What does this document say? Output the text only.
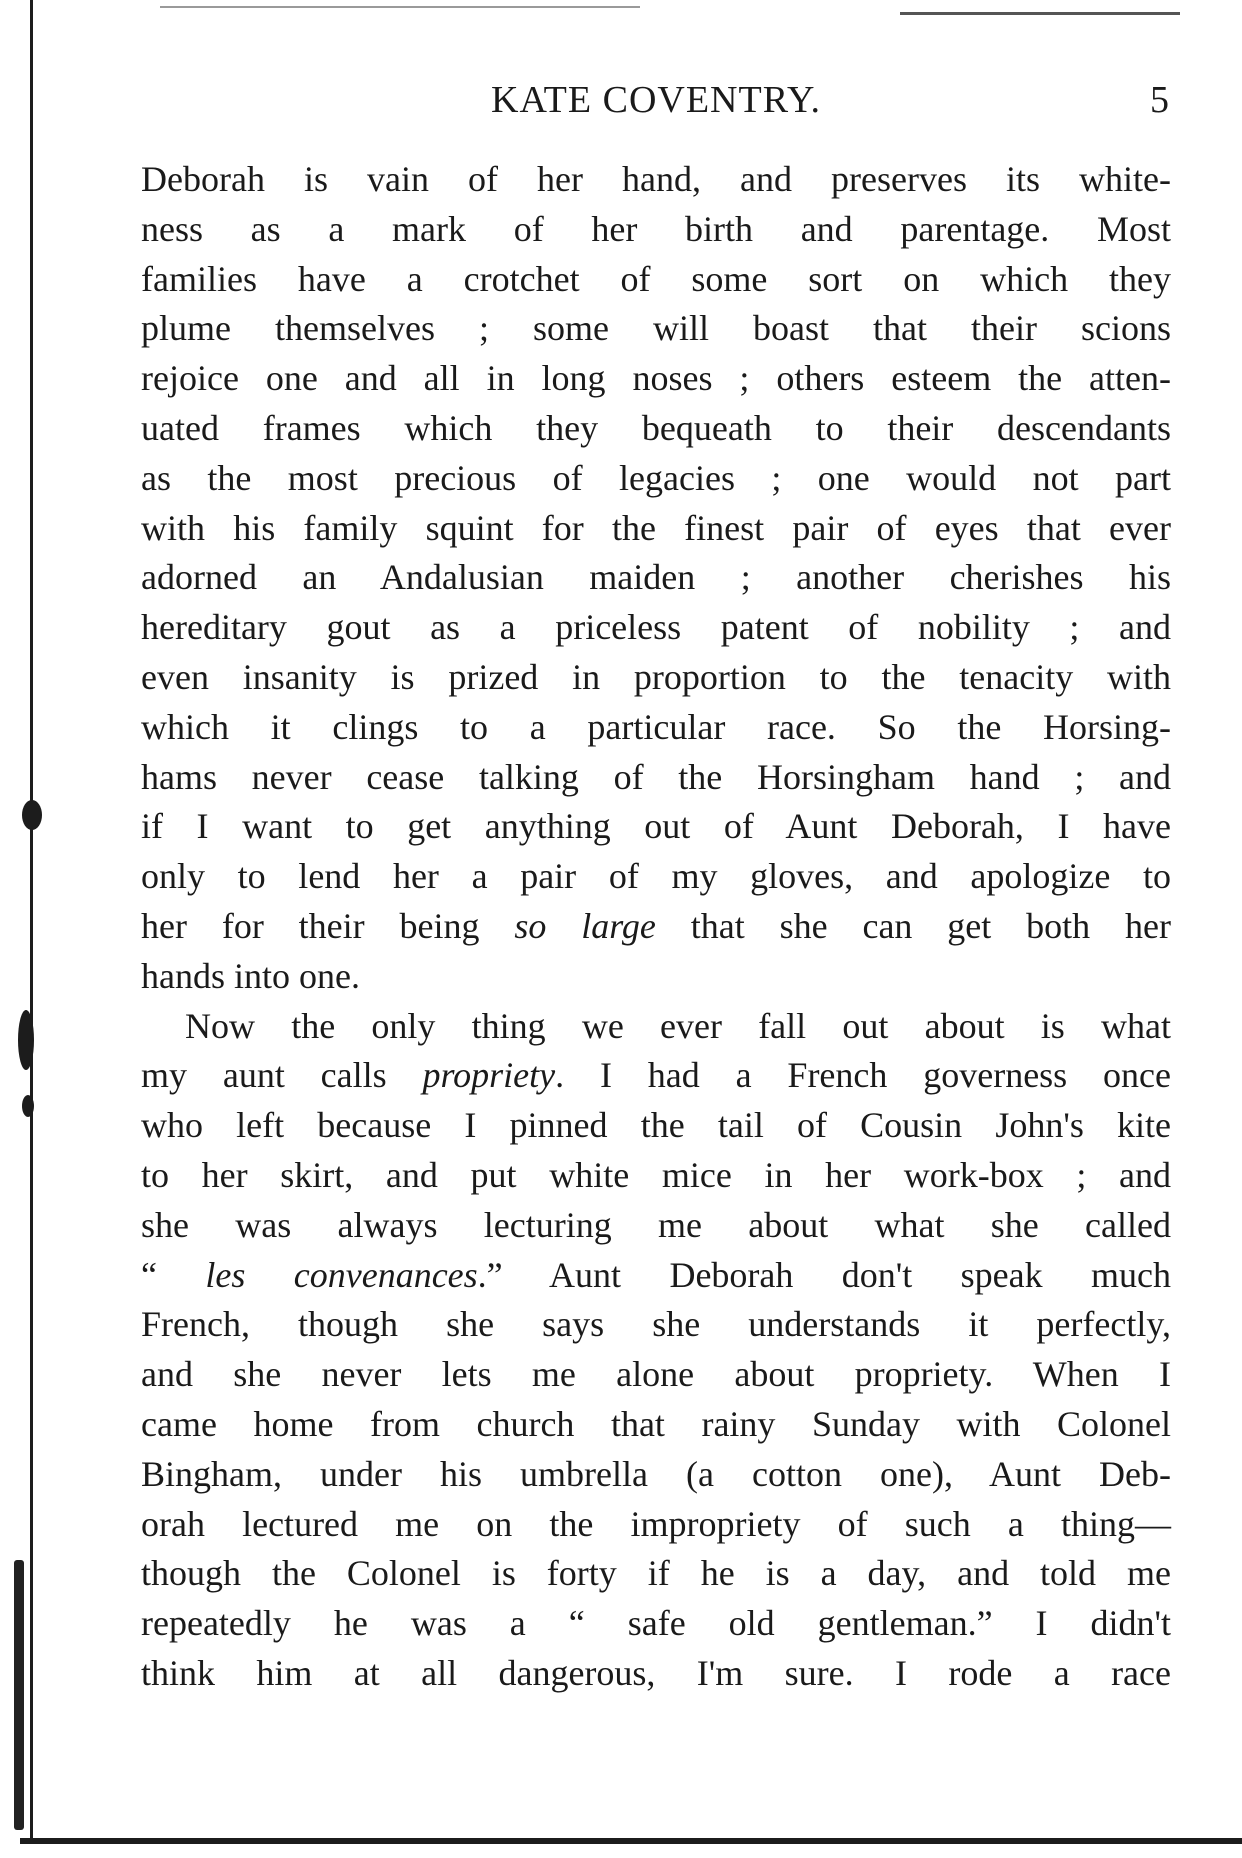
KATE COVENTRY.	5
Deborah is vain of her hand, and preserves its white-
ness as a mark of her birth and parentage. Most
families have a crotchet of some sort on which they
plume themselves ; some will boast that their scions
rejoice one and all in long noses ; others esteem the atten-
uated frames which they bequeath to their descendants
as the most precious of legacies ; one would not part
with his family squint for the finest pair of eyes that ever
adorned an Andalusian maiden ; another cherishes his
hereditary gout as a priceless patent of nobility ; and
even insanity is prized in proportion to the tenacity with
which it clings to a particular race. So the Horsing-
hams never cease talking of the Horsingham hand ; and
if I want to get anything out of Aunt Deborah, I have
only to lend her a pair of my gloves, and apologize to
her for their being so large that she can get both her
hands into one.
Now the only thing we ever fall out about is what
my aunt calls propriety. I had a French governess once
who left because I pinned the tail of Cousin John's kite
to her skirt, and put white mice in her work-box ; and
she was always lecturing me about what she called
“ les convenances.” Aunt Deborah don't speak much
French, though she says she understands it perfectly,
and she never lets me alone about propriety. When I
came home from church that rainy Sunday with Colonel
Bingham, under his umbrella (a cotton one), Aunt Deb-
orah lectured me on the impropriety of such a thing—
though the Colonel is forty if he is a day, and told me
repeatedly he was a “ safe old gentleman.” I didn't
think him at all dangerous, I'm sure. I rode a race
